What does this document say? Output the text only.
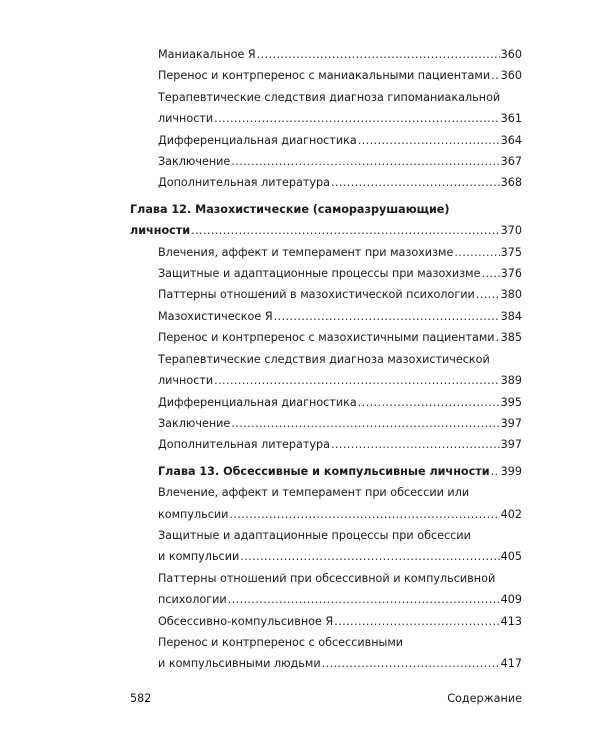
Маниакальное Я .....	360
Перенос и контрперенос с маниакальными пациентами ..... 360
Терапевтические следствия диагноза гипоманиакальной
личности .....	361
Дифференциальная диагностика .....	364
Заключение .....	367
Дополнительная литература .....	368
Глава 12. Мазохистические (саморазрушающие)
личности .....	370
Влечения, аффект и темперамент при мазохизме .....	375
Защитные и адаптационные процессы при мазохизме ..... 376
Паттерны отношений в мазохистической психологии ..... 380
Мазохистическое Я .....	384
Перенос и контрперенос с мазохистичными пациентами ..... 385
Терапевтические следствия диагноза мазохистической
личности .....	389
Дифференциальная диагностика .....	395
Заключение .....	397
Дополнительная литература .....	397
Глава 13. Обсессивные и компульсивные личности ..... 399
Влечение, аффект и темперамент при обсессии или
компульсии .....	402
Защитные и адаптационные процессы при обсессии
и компульсии .....	405
Паттерны отношений при обсессивной и компульсивной
психологии .....	409
Обсессивно-компульсивное Я .....	413
Перенос и контрперенос с обсессивными
и компульсивными людьми .....	417
582	Содержание
